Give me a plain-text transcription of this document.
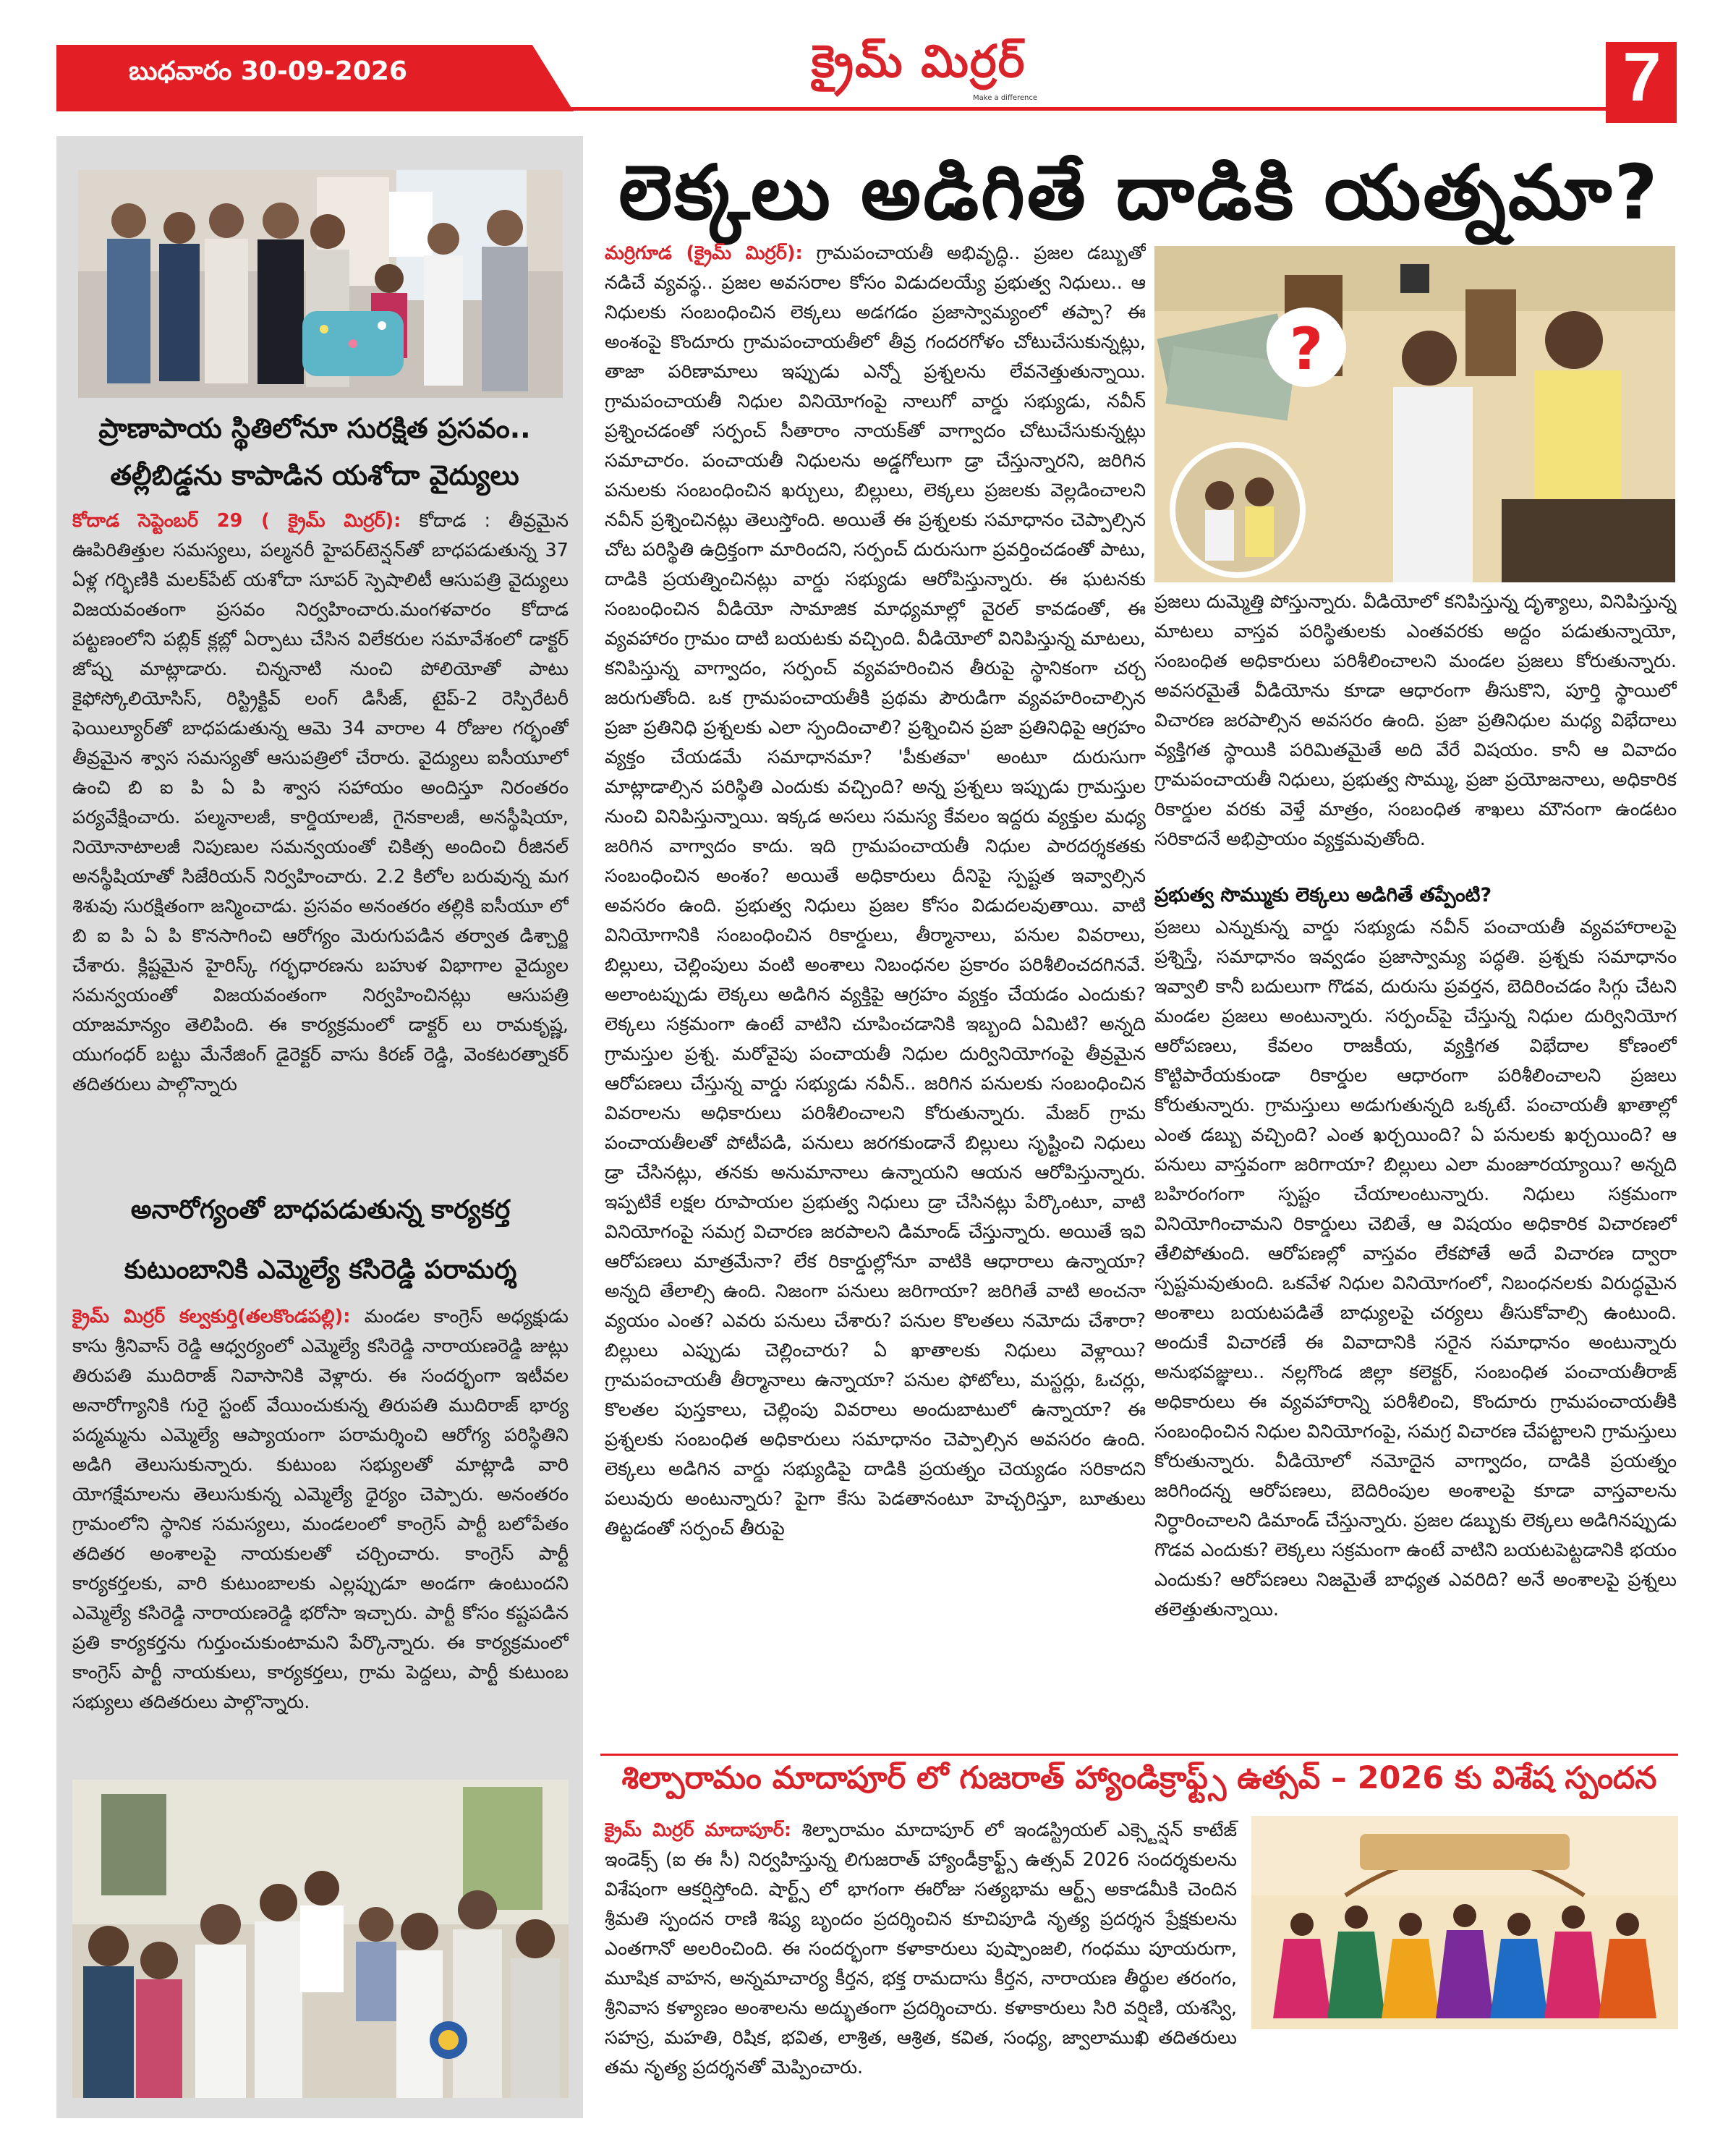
బుధవారం 30-09-2026	క్రైమ్ మిర్రర్
Make a difference	7
ప్రాణాపాయ స్థితిలోనూ సురక్షిత ప్రసవం..
తల్లీబిడ్డను కాపాడిన యశోదా వైద్యులు
కోదాడ సెప్టెంబర్ 29 ( క్రైమ్ మిర్రర్): కోదాడ : తీవ్రమైన ఊపిరితిత్తుల సమస్యలు, పల్మనరీ హైపర్‌టెన్షన్‌తో బాధపడుతున్న 37 ఏళ్ల గర్భిణికి మలక్‌పేట్ యశోదా సూపర్ స్పెషాలిటీ ఆసుపత్రి వైద్యులు విజయవంతంగా ప్రసవం నిర్వహించారు.మంగళవారం కోదాడ పట్టణంలోని పబ్లిక్ క్లబ్లో ఏర్పాటు చేసిన విలేకరుల సమావేశంలో డాక్టర్ జోష్న మాట్లాడారు. చిన్ననాటి నుంచి పోలియోతో పాటు కైఫోస్కోలియోసిస్, రిస్ట్రిక్టివ్ లంగ్ డిసీజ్, టైప్-2 రెస్పిరేటరీ ఫెయిల్యూర్‌తో బాధపడుతున్న ఆమె 34 వారాల 4 రోజుల గర్భంతో తీవ్రమైన శ్వాస సమస్యతో ఆసుపత్రిలో చేరారు. వైద్యులు ఐసీయూలో ఉంచి బి ఐ పి ఏ పి శ్వాస సహాయం అందిస్తూ నిరంతరం పర్యవేక్షించారు. పల్మనాలజీ, కార్డియాలజీ, గైనకాలజీ, అనస్థీషియా, నియోనాటాలజీ నిపుణుల సమన్వయంతో చికిత్స అందించి రీజినల్ అనస్థీషియాతో సిజేరియన్ నిర్వహించారు. 2.2 కిలోల బరువున్న మగ శిశువు సురక్షితంగా జన్మించాడు. ప్రసవం అనంతరం తల్లికి ఐసీయూ లో బి ఐ పి ఏ పి కొనసాగించి ఆరోగ్యం మెరుగుపడిన తర్వాత డిశ్చార్జి చేశారు. క్లిష్టమైన హైరిస్క్ గర్భధారణను బహుళ విభాగాల వైద్యుల సమన్వయంతో విజయవంతంగా నిర్వహించినట్లు ఆసుపత్రి యాజమాన్యం తెలిపింది. ఈ కార్యక్రమంలో డాక్టర్ లు రామకృష్ణ, యుగంధర్ బట్టు మేనేజింగ్ డైరెక్టర్ వాసు కిరణ్ రెడ్డి, వెంకటరత్నాకర్ తదితరులు పాల్గొన్నారు
అనారోగ్యంతో బాధపడుతున్న కార్యకర్త
కుటుంబానికి ఎమ్మెల్యే కసిరెడ్డి పరామర్శ
క్రైమ్ మిర్రర్ కల్వకుర్తి(తలకొండపల్లి): మండల కాంగ్రెస్ అధ్యక్షుడు కాసు శ్రీనివాస్ రెడ్డి ఆధ్వర్యంలో ఎమ్మెల్యే కసిరెడ్డి నారాయణరెడ్డి జుట్లు తిరుపతి ముదిరాజ్ నివాసానికి వెళ్లారు. ఈ సందర్భంగా ఇటీవల అనారోగ్యానికి గురై స్టంట్ వేయించుకున్న తిరుపతి ముదిరాజ్ భార్య పద్మమ్మను ఎమ్మెల్యే ఆప్యాయంగా పరామర్శించి ఆరోగ్య పరిస్థితిని అడిగి తెలుసుకున్నారు. కుటుంబ సభ్యులతో మాట్లాడి వారి యోగక్షేమాలను తెలుసుకున్న ఎమ్మెల్యే ధైర్యం చెప్పారు. అనంతరం గ్రామంలోని స్థానిక సమస్యలు, మండలంలో కాంగ్రెస్ పార్టీ బలోపేతం తదితర అంశాలపై నాయకులతో చర్చించారు. కాంగ్రెస్ పార్టీ కార్యకర్తలకు, వారి కుటుంబాలకు ఎల్లప్పుడూ అండగా ఉంటుందని ఎమ్మెల్యే కసిరెడ్డి నారాయణరెడ్డి భరోసా ఇచ్చారు. పార్టీ కోసం కష్టపడిన ప్రతి కార్యకర్తను గుర్తుంచుకుంటామని పేర్కొన్నారు. ఈ కార్యక్రమంలో కాంగ్రెస్ పార్టీ నాయకులు, కార్యకర్తలు, గ్రామ పెద్దలు, పార్టీ కుటుంబ సభ్యులు తదితరులు పాల్గొన్నారు.
లెక్కలు అడిగితే దాడికి యత్నమా?
మర్రిగూడ (క్రైమ్ మిర్రర్): గ్రామపంచాయతీ అభివృద్ధి.. ప్రజల డబ్బుతో నడిచే వ్యవస్థ.. ప్రజల అవసరాల కోసం విడుదలయ్యే ప్రభుత్వ నిధులు.. ఆ నిధులకు సంబంధించిన లెక్కలు అడగడం ప్రజాస్వామ్యంలో తప్పా? ఈ అంశంపై కొందూరు గ్రామపంచాయతీలో తీవ్ర గందరగోళం చోటుచేసుకున్నట్లు, తాజా పరిణామాలు ఇప్పుడు ఎన్నో ప్రశ్నలను లేవనెత్తుతున్నాయి. గ్రామపంచాయతీ నిధుల వినియోగంపై నాలుగో వార్డు సభ్యుడు, నవీన్ ప్రశ్నించడంతో సర్పంచ్ సీతారాం నాయక్‌తో వాగ్వాదం చోటుచేసుకున్నట్లు సమాచారం. పంచాయతీ నిధులను అడ్డగోలుగా డ్రా చేస్తున్నారని, జరిగిన పనులకు సంబంధించిన ఖర్చులు, బిల్లులు, లెక్కలు ప్రజలకు వెల్లడించాలని నవీన్ ప్రశ్నించినట్లు తెలుస్తోంది. అయితే ఈ ప్రశ్నలకు సమాధానం చెప్పాల్సిన చోట పరిస్థితి ఉద్రిక్తంగా మారిందని, సర్పంచ్ దురుసుగా ప్రవర్తించడంతో పాటు, దాడికి ప్రయత్నించినట్లు వార్డు సభ్యుడు ఆరోపిస్తున్నారు. ఈ ఘటనకు సంబంధించిన వీడియో సామాజిక మాధ్యమాల్లో వైరల్ కావడంతో, ఈ వ్యవహారం గ్రామం దాటి బయటకు వచ్చింది. వీడియోలో వినిపిస్తున్న మాటలు, కనిపిస్తున్న వాగ్వాదం, సర్పంచ్ వ్యవహరించిన తీరుపై స్థానికంగా చర్చ జరుగుతోంది. ఒక గ్రామపంచాయతీకి ప్రథమ పౌరుడిగా వ్యవహరించాల్సిన ప్రజా ప్రతినిధి ప్రశ్నలకు ఎలా స్పందించాలి? ప్రశ్నించిన ప్రజా ప్రతినిధిపై ఆగ్రహం వ్యక్తం చేయడమే సమాధానమా? 'పీకుతవా' అంటూ దురుసుగా మాట్లాడాల్సిన పరిస్థితి ఎందుకు వచ్చింది? అన్న ప్రశ్నలు ఇప్పుడు గ్రామస్తుల నుంచి వినిపిస్తున్నాయి. ఇక్కడ అసలు సమస్య కేవలం ఇద్దరు వ్యక్తుల మధ్య జరిగిన వాగ్వాదం కాదు. ఇది గ్రామపంచాయతీ నిధుల పారదర్శకతకు సంబంధించిన అంశం? అయితే అధికారులు దీనిపై స్పష్టత ఇవ్వాల్సిన అవసరం ఉంది. ప్రభుత్వ నిధులు ప్రజల కోసం విడుదలవుతాయి. వాటి వినియోగానికి సంబంధించిన రికార్డులు, తీర్మానాలు, పనుల వివరాలు, బిల్లులు, చెల్లింపులు వంటి అంశాలు నిబంధనల ప్రకారం పరిశీలించదగినవే. అలాంటప్పుడు లెక్కలు అడిగిన వ్యక్తిపై ఆగ్రహం వ్యక్తం చేయడం ఎందుకు? లెక్కలు సక్రమంగా ఉంటే వాటిని చూపించడానికి ఇబ్బంది ఏమిటి? అన్నది గ్రామస్తుల ప్రశ్న. మరోవైపు పంచాయతీ నిధుల దుర్వినియోగంపై తీవ్రమైన ఆరోపణలు చేస్తున్న వార్డు సభ్యుడు నవీన్.. జరిగిన పనులకు సంబంధించిన వివరాలను అధికారులు పరిశీలించాలని కోరుతున్నారు. మేజర్ గ్రామ పంచాయతీలతో పోటీపడి, పనులు జరగకుండానే బిల్లులు సృష్టించి నిధులు డ్రా చేసినట్లు, తనకు అనుమానాలు ఉన్నాయని ఆయన ఆరోపిస్తున్నారు. ఇప్పటికే లక్షల రూపాయల ప్రభుత్వ నిధులు డ్రా చేసినట్లు పేర్కొంటూ, వాటి వినియోగంపై సమగ్ర విచారణ జరపాలని డిమాండ్ చేస్తున్నారు. అయితే ఇవి ఆరోపణలు మాత్రమేనా? లేక రికార్డుల్లోనూ వాటికి ఆధారాలు ఉన్నాయా? అన్నది తేలాల్సి ఉంది. నిజంగా పనులు జరిగాయా? జరిగితే వాటి అంచనా వ్యయం ఎంత? ఎవరు పనులు చేశారు? పనుల కొలతలు నమోదు చేశారా? బిల్లులు ఎప్పుడు చెల్లించారు? ఏ ఖాతాలకు నిధులు వెళ్లాయి? గ్రామపంచాయతీ తీర్మానాలు ఉన్నాయా? పనుల ఫోటోలు, మస్టర్లు, ఓచర్లు, కొలతల పుస్తకాలు, చెల్లింపు వివరాలు అందుబాటులో ఉన్నాయా? ఈ ప్రశ్నలకు సంబంధిత అధికారులు సమాధానం చెప్పాల్సిన అవసరం ఉంది. లెక్కలు అడిగిన వార్డు సభ్యుడిపై దాడికి ప్రయత్నం చెయ్యడం సరికాదని పలువురు అంటున్నారు? పైగా కేసు పెడతానంటూ హెచ్చరిస్తూ, బూతులు తిట్టడంతో సర్పంచ్ తీరుపై
?
ప్రజలు దుమ్మెత్తి పోస్తున్నారు. వీడియోలో కనిపిస్తున్న దృశ్యాలు, వినిపిస్తున్న మాటలు వాస్తవ పరిస్థితులకు ఎంతవరకు అద్దం పడుతున్నాయో, సంబంధిత అధికారులు పరిశీలించాలని మండల ప్రజలు కోరుతున్నారు. అవసరమైతే వీడియోను కూడా ఆధారంగా తీసుకొని, పూర్తి స్థాయిలో విచారణ జరపాల్సిన అవసరం ఉంది. ప్రజా ప్రతినిధుల మధ్య విభేదాలు వ్యక్తిగత స్థాయికి పరిమితమైతే అది వేరే విషయం. కానీ ఆ వివాదం గ్రామపంచాయతీ నిధులు, ప్రభుత్వ సొమ్ము, ప్రజా ప్రయోజనాలు, అధికారిక రికార్డుల వరకు వెళ్తే మాత్రం, సంబంధిత శాఖలు మౌనంగా ఉండటం సరికాదనే అభిప్రాయం వ్యక్తమవుతోంది.
ప్రభుత్వ సొమ్ముకు లెక్కలు అడిగితే తప్పేంటి?
ప్రజలు ఎన్నుకున్న వార్డు సభ్యుడు నవీన్ పంచాయతీ వ్యవహారాలపై ప్రశ్నిస్తే, సమాధానం ఇవ్వడం ప్రజాస్వామ్య పద్ధతి. ప్రశ్నకు సమాధానం ఇవ్వాలి కానీ బదులుగా గొడవ, దురుసు ప్రవర్తన, బెదిరించడం సిగ్గు చేటని మండల ప్రజలు అంటున్నారు. సర్పంచ్‌పై చేస్తున్న నిధుల దుర్వినియోగ ఆరోపణలు, కేవలం రాజకీయ, వ్యక్తిగత విభేదాల కోణంలో కొట్టిపారేయకుండా రికార్డుల ఆధారంగా పరిశీలించాలని ప్రజలు కోరుతున్నారు. గ్రామస్తులు అడుగుతున్నది ఒక్కటే. పంచాయతీ ఖాతాల్లో ఎంత డబ్బు వచ్చింది? ఎంత ఖర్చయింది? ఏ పనులకు ఖర్చయింది? ఆ పనులు వాస్తవంగా జరిగాయా? బిల్లులు ఎలా మంజూరయ్యాయి? అన్నది బహిరంగంగా స్పష్టం చేయాలంటున్నారు. నిధులు సక్రమంగా వినియోగించామని రికార్డులు చెబితే, ఆ విషయం అధికారిక విచారణలో తేలిపోతుంది. ఆరోపణల్లో వాస్తవం లేకపోతే అదే విచారణ ద్వారా స్పష్టమవుతుంది. ఒకవేళ నిధుల వినియోగంలో, నిబంధనలకు విరుద్ధమైన అంశాలు బయటపడితే బాధ్యులపై చర్యలు తీసుకోవాల్సి ఉంటుంది. అందుకే విచారణే ఈ వివాదానికి సరైన సమాధానం అంటున్నారు అనుభవజ్ఞులు.. నల్లగొండ జిల్లా కలెక్టర్, సంబంధిత పంచాయతీరాజ్ అధికారులు ఈ వ్యవహారాన్ని పరిశీలించి, కొందూరు గ్రామపంచాయతీకి సంబంధించిన నిధుల వినియోగంపై, సమగ్ర విచారణ చేపట్టాలని గ్రామస్తులు కోరుతున్నారు. వీడియోలో నమోదైన వాగ్వాదం, దాడికి ప్రయత్నం జరిగిందన్న ఆరోపణలు, బెదిరింపుల అంశాలపై కూడా వాస్తవాలను నిర్ధారించాలని డిమాండ్ చేస్తున్నారు. ప్రజల డబ్బుకు లెక్కలు అడిగినప్పుడు గొడవ ఎందుకు? లెక్కలు సక్రమంగా ఉంటే వాటిని బయటపెట్టడానికి భయం ఎందుకు? ఆరోపణలు నిజమైతే బాధ్యత ఎవరిది? అనే అంశాలపై ప్రశ్నలు తలెత్తుతున్నాయి.
శిల్పారామం మాదాపూర్ లో గుజరాత్ హ్యాండిక్రాఫ్ట్స్ ఉత్సవ్ – 2026 కు విశేష స్పందన
క్రైమ్ మిర్రర్ మాదాపూర్: శిల్పారామం మాదాపూర్ లో ఇండస్ట్రియల్ ఎక్స్టెన్షన్ కాటేజ్ ఇండెక్స్ (ఐ ఈ సీ) నిర్వహిస్తున్న లిగుజరాత్ హ్యాండీక్రాఫ్ట్స్ ఉత్సవ్ 2026 సందర్శకులను విశేషంగా ఆకర్షిస్తోంది. షార్ట్స్ లో భాగంగా ఈరోజు సత్యభామ ఆర్ట్స్ అకాడమీకి చెందిన శ్రీమతి స్పందన రాణి శిష్య బృందం ప్రదర్శించిన కూచిపూడి నృత్య ప్రదర్శన ప్రేక్షకులను ఎంతగానో అలరించింది. ఈ సందర్భంగా కళాకారులు పుష్పాంజలి, గంధము పూయరుగా, మూషిక వాహన, అన్నమాచార్య కీర్తన, భక్త రామదాసు కీర్తన, నారాయణ తీర్థుల తరంగం, శ్రీనివాస కళ్యాణం అంశాలను అద్భుతంగా ప్రదర్శించారు. కళాకారులు సిరి వర్షిణి, యశస్వి, సహస్ర, మహతి, రిషిక, భవిత, లాశ్రిత, ఆశ్రిత, కవిత, సంధ్య, జ్వాలాముఖి తదితరులు తమ నృత్య ప్రదర్శనతో మెప్పించారు.
